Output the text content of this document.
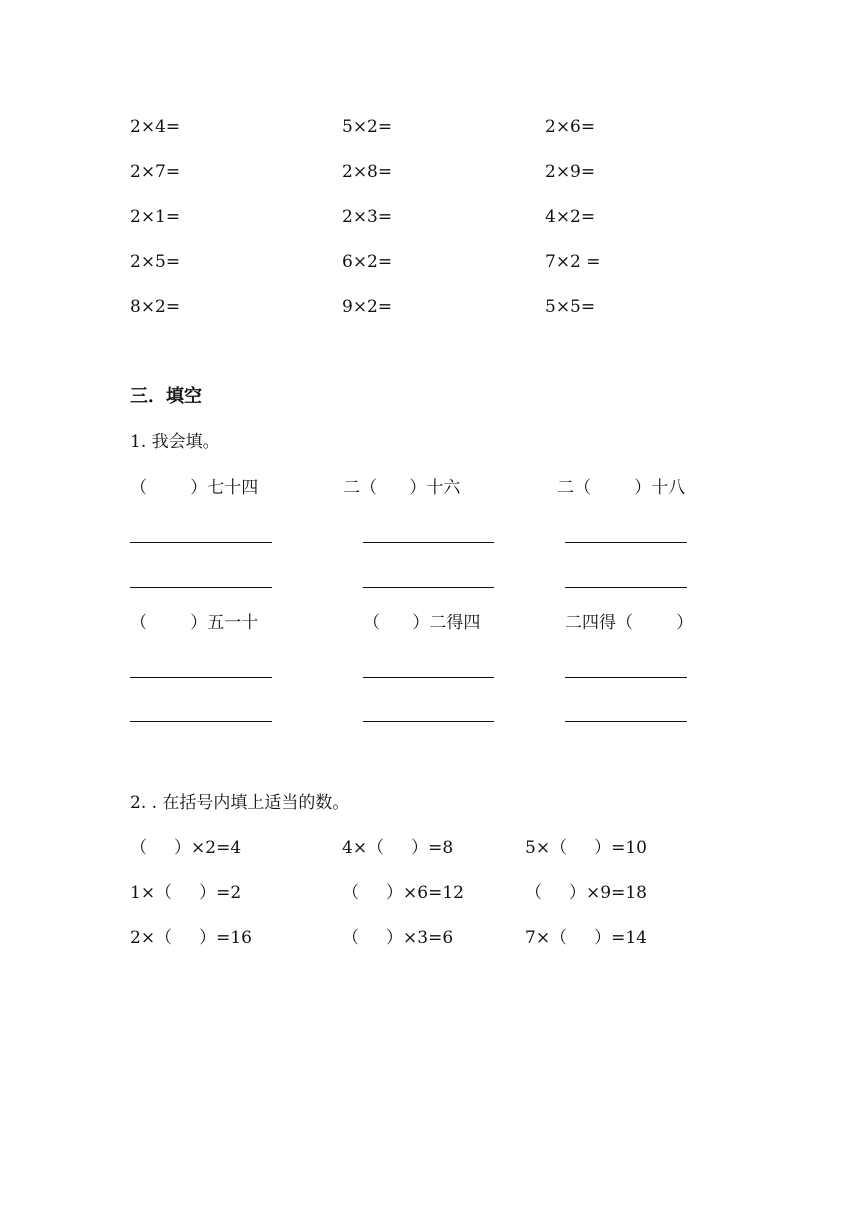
2×4=	5×2=	2×6=
2×7=	2×8=	2×9=
2×1=	2×3=	4×2=
2×5=	6×2=	7×2 =
8×2=	9×2=	5×5=
三．填空
1. 我会填。
（        ）七十四	二（      ）十六	二（        ）十八
（        ）五一十	（      ）二得四	二四得（        ）
2. . 在括号内填上适当的数。
（     ）×2=4	4×（     ）=8	5×（     ）=10
1×（     ）=2	（     ）×6=12	（     ）×9=18
2×（     ）=16	（     ）×3=6	7×（     ）=14
